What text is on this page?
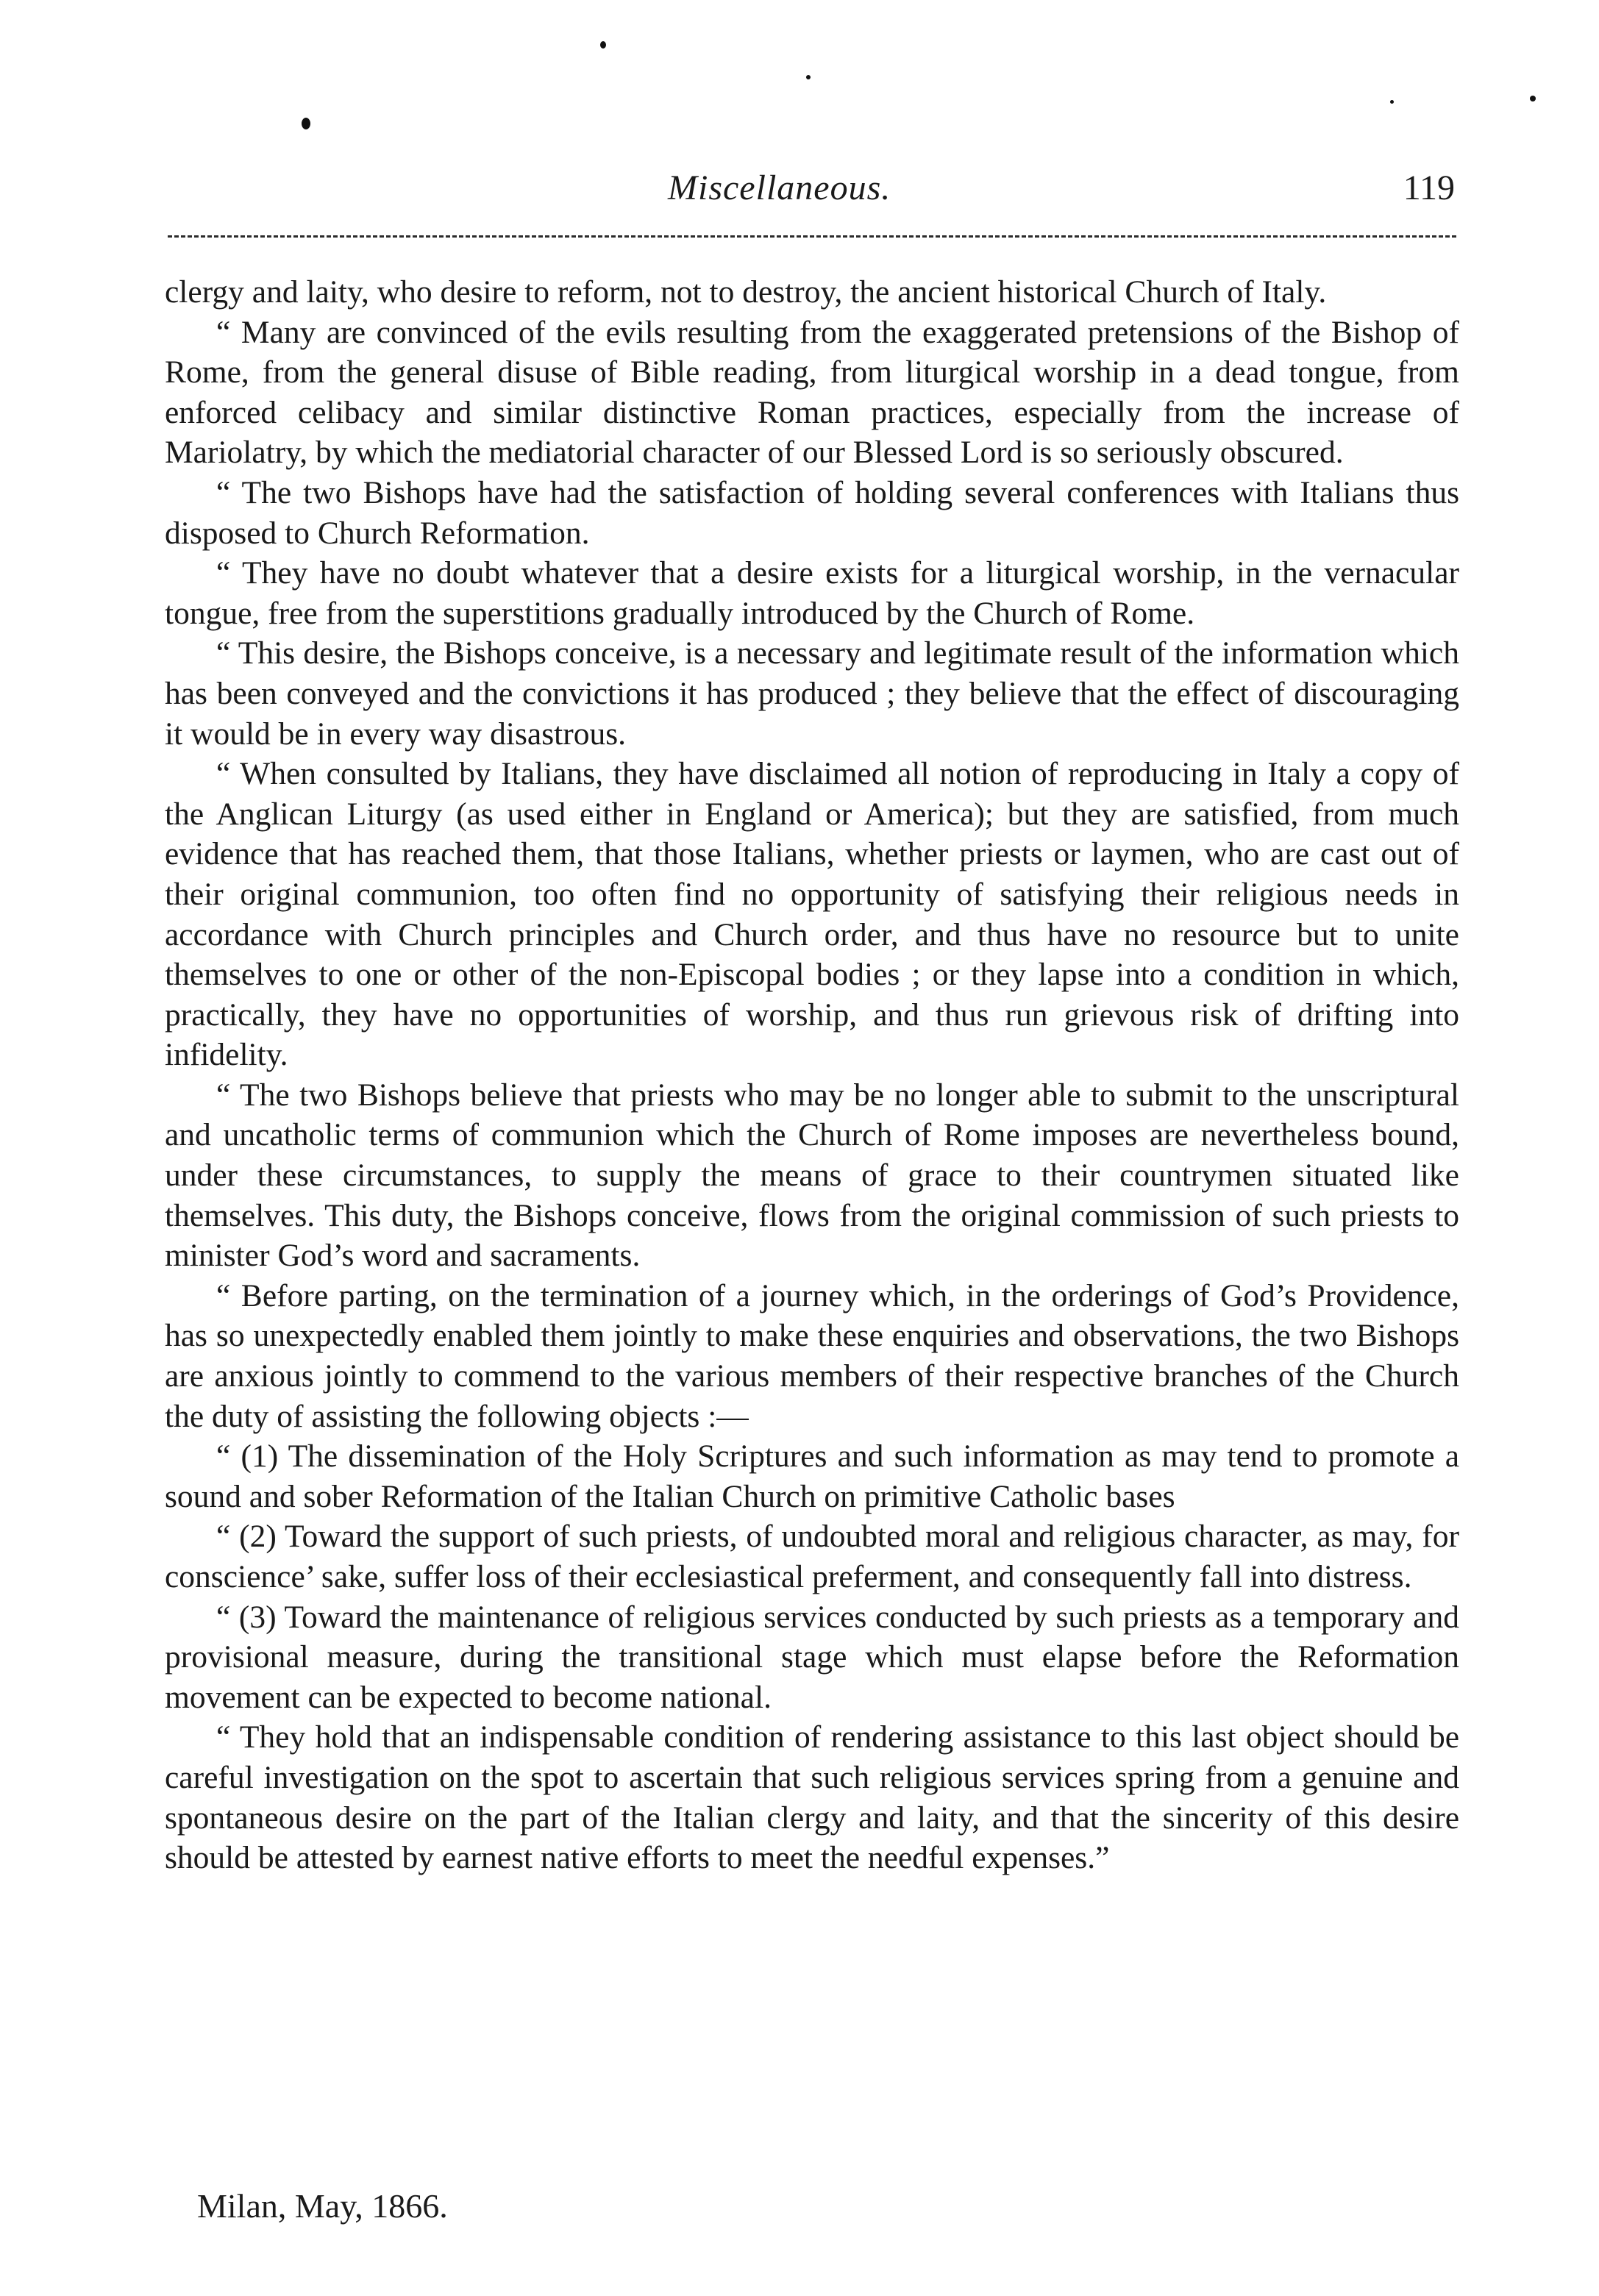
Miscellaneous.	119

clergy and laity, who desire to reform, not to destroy, the ancient historical Church of Italy.

“ Many are convinced of the evils resulting from the exaggerated pretensions of the Bishop of Rome, from the general disuse of Bible reading, from liturgical worship in a dead tongue, from enforced celibacy and similar distinctive Roman practices, especially from the increase of Mariolatry, by which the mediatorial character of our Blessed Lord is so seriously obscured.

“ The two Bishops have had the satisfaction of holding several conferences with Italians thus disposed to Church Reformation.

“ They have no doubt whatever that a desire exists for a liturgical worship, in the vernacular tongue, free from the superstitions gradually introduced by the Church of Rome.

“ This desire, the Bishops conceive, is a necessary and legitimate result of the information which has been conveyed and the convictions it has produced ; they believe that the effect of discouraging it would be in every way disastrous.

“ When consulted by Italians, they have disclaimed all notion of reproducing in Italy a copy of the Anglican Liturgy (as used either in England or America); but they are satisfied, from much evidence that has reached them, that those Italians, whether priests or laymen, who are cast out of their original communion, too often find no opportunity of satisfying their religious needs in accordance with Church principles and Church order, and thus have no resource but to unite themselves to one or other of the non-Episcopal bodies ; or they lapse into a condition in which, practically, they have no opportunities of worship, and thus run grievous risk of drifting into infidelity.

“ The two Bishops believe that priests who may be no longer able to submit to the unscriptural and uncatholic terms of communion which the Church of Rome imposes are nevertheless bound, under these circumstances, to supply the means of grace to their countrymen situated like themselves. This duty, the Bishops conceive, flows from the original commission of such priests to minister God’s word and sacraments.

“ Before parting, on the termination of a journey which, in the orderings of God’s Providence, has so unexpectedly enabled them jointly to make these enquiries and observations, the two Bishops are anxious jointly to commend to the various members of their respective branches of the Church the duty of assisting the following objects :—

“ (1) The dissemination of the Holy Scriptures and such information as may tend to promote a sound and sober Reformation of the Italian Church on primitive Catholic bases

“ (2) Toward the support of such priests, of undoubted moral and religious character, as may, for conscience’ sake, suffer loss of their ecclesiastical preferment, and consequently fall into distress.

“ (3) Toward the maintenance of religious services conducted by such priests as a temporary and provisional measure, during the transitional stage which must elapse before the Reformation movement can be expected to become national.

“ They hold that an indispensable condition of rendering assistance to this last object should be careful investigation on the spot to ascertain that such religious services spring from a genuine and spontaneous desire on the part of the Italian clergy and laity, and that the sincerity of this desire should be attested by earnest native efforts to meet the needful expenses.”

Milan, May, 1866.
